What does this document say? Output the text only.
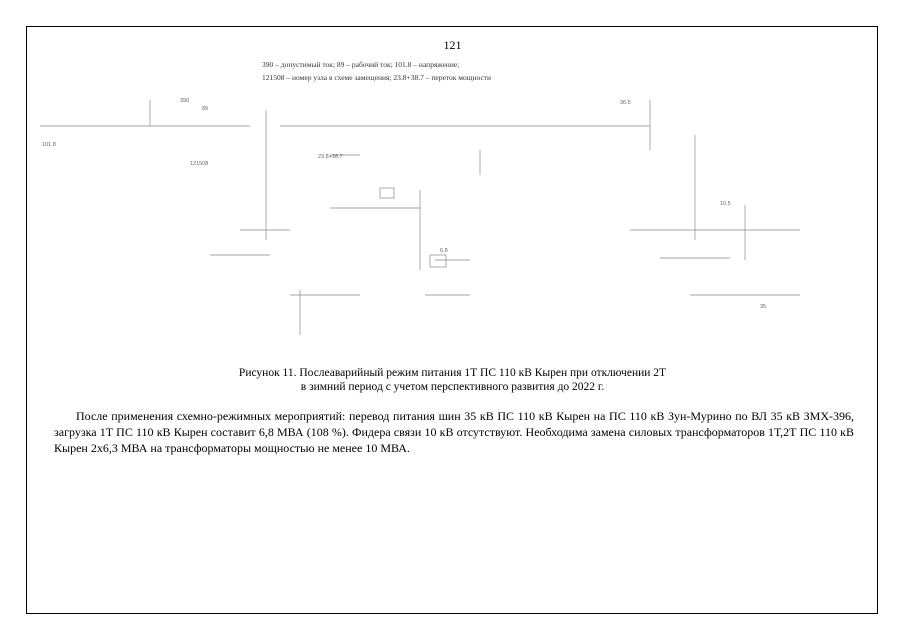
121
390 – допустимый ток; 89 – рабочий ток; 101.8 – напряжение;
121508 – номер узла в схеме замещения; 23.8+38.7 – переток мощности
101.8
390
89
121508
23.8+38.7
36.5
10.5
6.8
35
Рисунок 11. Послеаварийный режим питания 1Т ПС 110 кВ Кырен при отключении 2Т
в зимний период с учетом перспективного развития до 2022 г.
После применения схемно-режимных мероприятий: перевод питания шин 35 кВ ПС 110 кВ Кырен на ПС 110 кВ Зун-Мурино по ВЛ 35 кВ ЗМХ-396, загрузка 1Т ПС 110 кВ Кырен составит 6,8 МВА (108 %). Фидера связи 10 кВ отсутствуют. Необходима замена силовых трансформаторов 1Т,2Т ПС 110 кВ Кырен 2х6,3 МВА на трансформаторы мощностью не менее 10 МВА.
